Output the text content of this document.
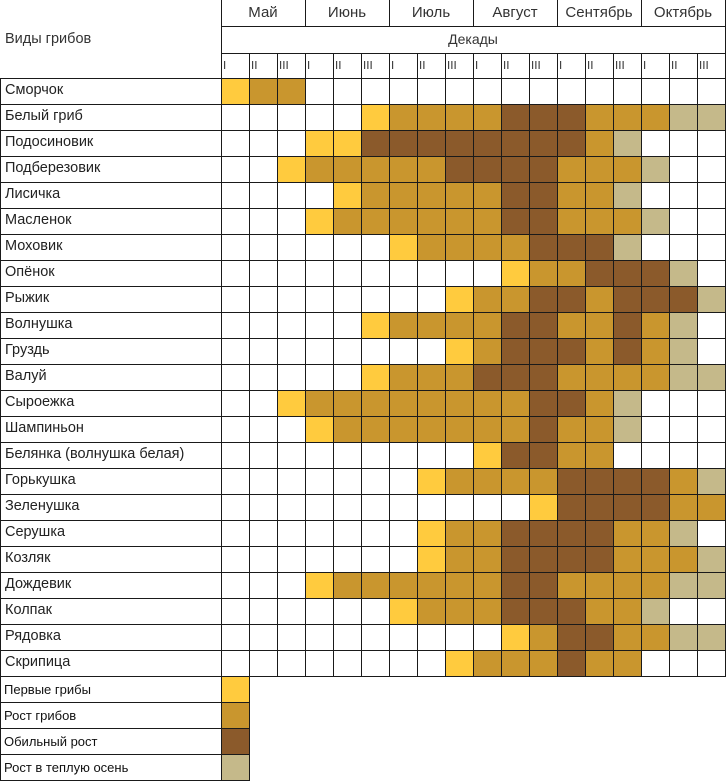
Виды грибов
Май	Июнь	Июль	Август	Сентябрь	Октябрь
Декады
I	II	III	I	II	III	I	II	III	I	II	III	I	II	III	I	II	III
Сморчок
Белый гриб
Подосиновик
Подберезовик
Лисичка
Масленок
Моховик
Опёнок
Рыжик
Волнушка
Груздь
Валуй
Сыроежка
Шампиньон
Белянка (волнушка белая)
Горькушка
Зеленушка
Серушка
Козляк
Дождевик
Колпак
Рядовка
Скрипица
Первые грибы
Рост грибов
Обильный рост
Рост в теплую осень
